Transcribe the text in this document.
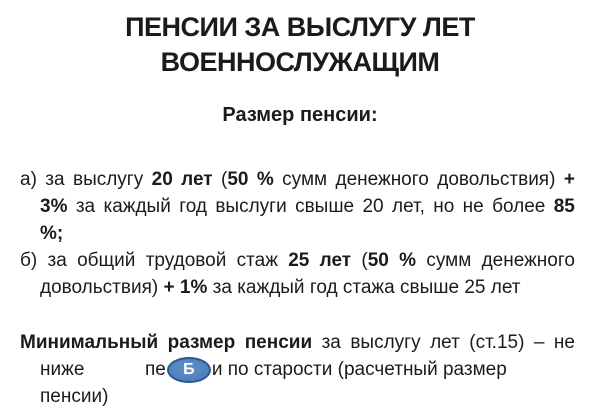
ПЕНСИИ ЗА ВЫСЛУГУ ЛЕТ
ВОЕННОСЛУЖАЩИМ
Размер пенсии:
а) за выслугу 20 лет (50 % сумм денежного довольствия) +
3% за каждый год выслуги свыше 20 лет, но не более 85
%;
б) за общий трудовой стаж 25 лет (50 % сумм денежного
довольствия) + 1% за каждый год стажа свыше 25 лет
Минимальный размер пенсии за выслугу лет (ст.15) – не
ниже	пе Б и по старости (расчетный размер пенсии)
